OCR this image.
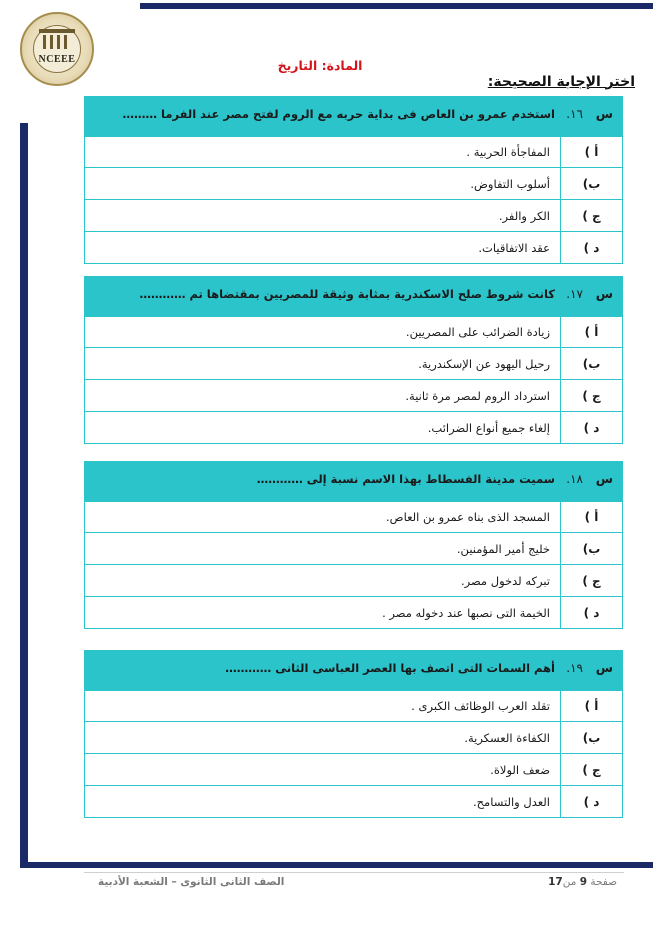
NCEEE	المادة: التاريخ
اختر الإجابة الصحيحة:
س
١٦.
استخدم عمرو بن العاص فى بداية حربه مع الروم لفتح مصر عند الفرما ………
أ )
المفاجأة الحربية .
ب)
أسلوب التفاوض.
ج )
الكر والفر.
د )
عقد الاتفاقيات.
س
١٧.
كانت شروط صلح الاسكندرية بمثابة وثيقة للمصريين بمقتضاها تم …………
أ )
زيادة الضرائب على المصريين.
ب)
رحيل اليهود عن الإسكندرية.
ج )
استرداد الروم لمصر مرة ثانية.
د )
إلغاء جميع أنواع الضرائب.
س
١٨.
سميت مدينة الفسطاط بهذا الاسم نسبة إلى …………
أ )
المسجد الذى بناه عمرو بن العاص.
ب)
خليج أمير المؤمنين.
ج )
تبركه لدخول مصر.
د )
الخيمة التى نصبها عند دخوله مصر .
س
١٩.
أهم السمات التى اتصف بها العصر العباسى الثانى …………
أ )
تقلد العرب الوظائف الكبرى .
ب)
الكفاءة العسكرية.
ج )
ضعف الولاة.
د )
العدل والتسامح.
صفحة 9 من17
الصف الثانى الثانوى – الشعبة الأدبية
